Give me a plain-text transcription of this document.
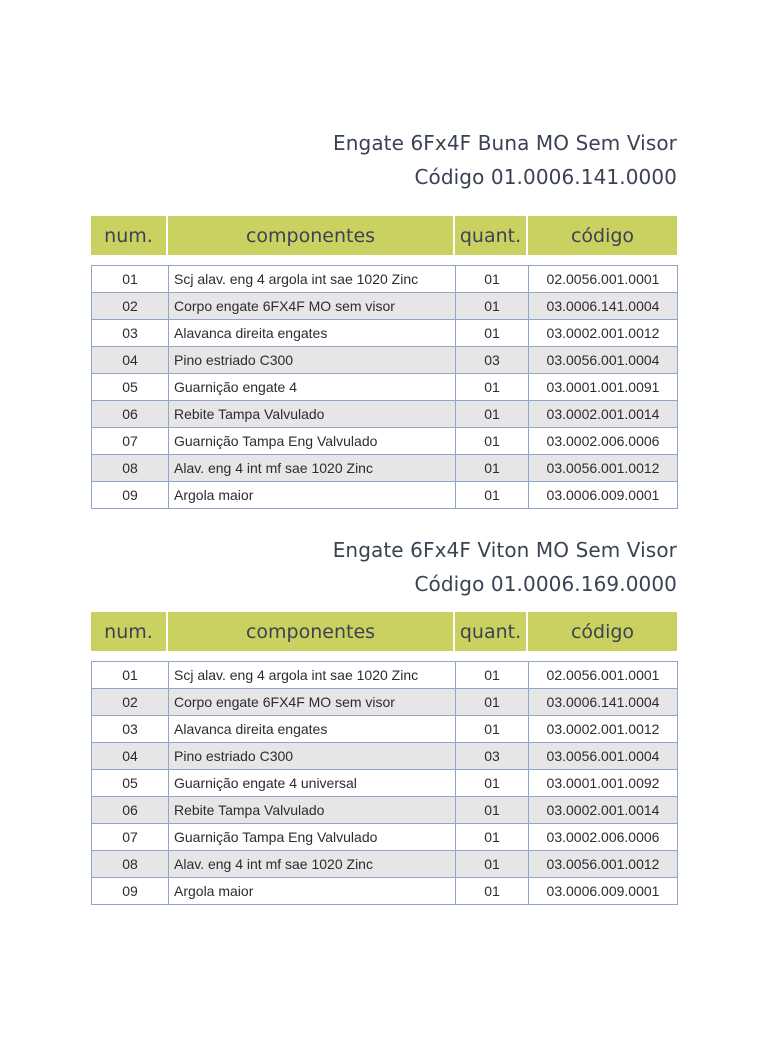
Engate 6Fx4F Buna MO Sem Visor
Código 01.0006.141.0000
num.	componentes	quant.	código
01	Scj alav. eng 4 argola int sae 1020 Zinc	01	02.0056.001.0001
02	Corpo engate 6FX4F MO sem visor	01	03.0006.141.0004
03	Alavanca direita engates	01	03.0002.001.0012
04	Pino estriado C300	03	03.0056.001.0004
05	Guarnição engate 4	01	03.0001.001.0091
06	Rebite Tampa Valvulado	01	03.0002.001.0014
07	Guarnição Tampa Eng Valvulado	01	03.0002.006.0006
08	Alav. eng 4 int mf sae 1020 Zinc	01	03.0056.001.0012
09	Argola maior	01	03.0006.009.0001
Engate 6Fx4F Viton MO Sem Visor
Código 01.0006.169.0000
num.	componentes	quant.	código
01	Scj alav. eng 4 argola int sae 1020 Zinc	01	02.0056.001.0001
02	Corpo engate 6FX4F MO sem visor	01	03.0006.141.0004
03	Alavanca direita engates	01	03.0002.001.0012
04	Pino estriado C300	03	03.0056.001.0004
05	Guarnição engate 4 universal	01	03.0001.001.0092
06	Rebite Tampa Valvulado	01	03.0002.001.0014
07	Guarnição Tampa Eng Valvulado	01	03.0002.006.0006
08	Alav. eng 4 int mf sae 1020 Zinc	01	03.0056.001.0012
09	Argola maior	01	03.0006.009.0001
